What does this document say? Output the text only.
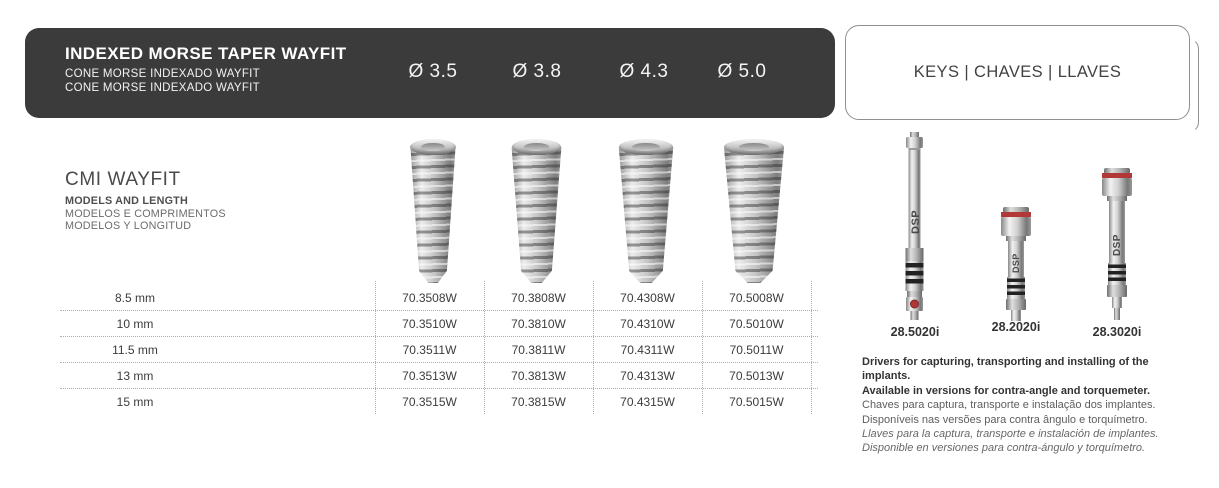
INDEXED MORSE TAPER WAYFIT
CONE MORSE INDEXADO WAYFIT
CONE MORSE INDEXADO WAYFIT
Ø 3.5	Ø 3.8	Ø 4.3	Ø 5.0	KEYS | CHAVES | LLAVES
CMI WAYFIT
MODELS AND LENGTH
MODELOS E COMPRIMENTOS
MODELOS Y LONGITUD
8.5 mm	70.3508W	70.3808W	70.4308W	70.5008W
10 mm	70.3510W	70.3810W	70.4310W	70.5010W
11.5 mm	70.3511W	70.3811W	70.4311W	70.5011W
13 mm	70.3513W	70.3813W	70.4313W	70.5013W
15 mm	70.3515W	70.3815W	70.4315W	70.5015W
DSP
DSP
DSP
28.5020i	28.2020i	28.3020i
Drivers for capturing, transporting and installing of the implants.
Available in versions for contra-angle and torquemeter.
Chaves para captura, transporte e instalação dos implantes.
Disponíveis nas versões para contra ângulo e torquímetro.
Llaves para la captura, transporte e instalación de implantes.
Disponible en versiones para contra-ángulo y torquímetro.
